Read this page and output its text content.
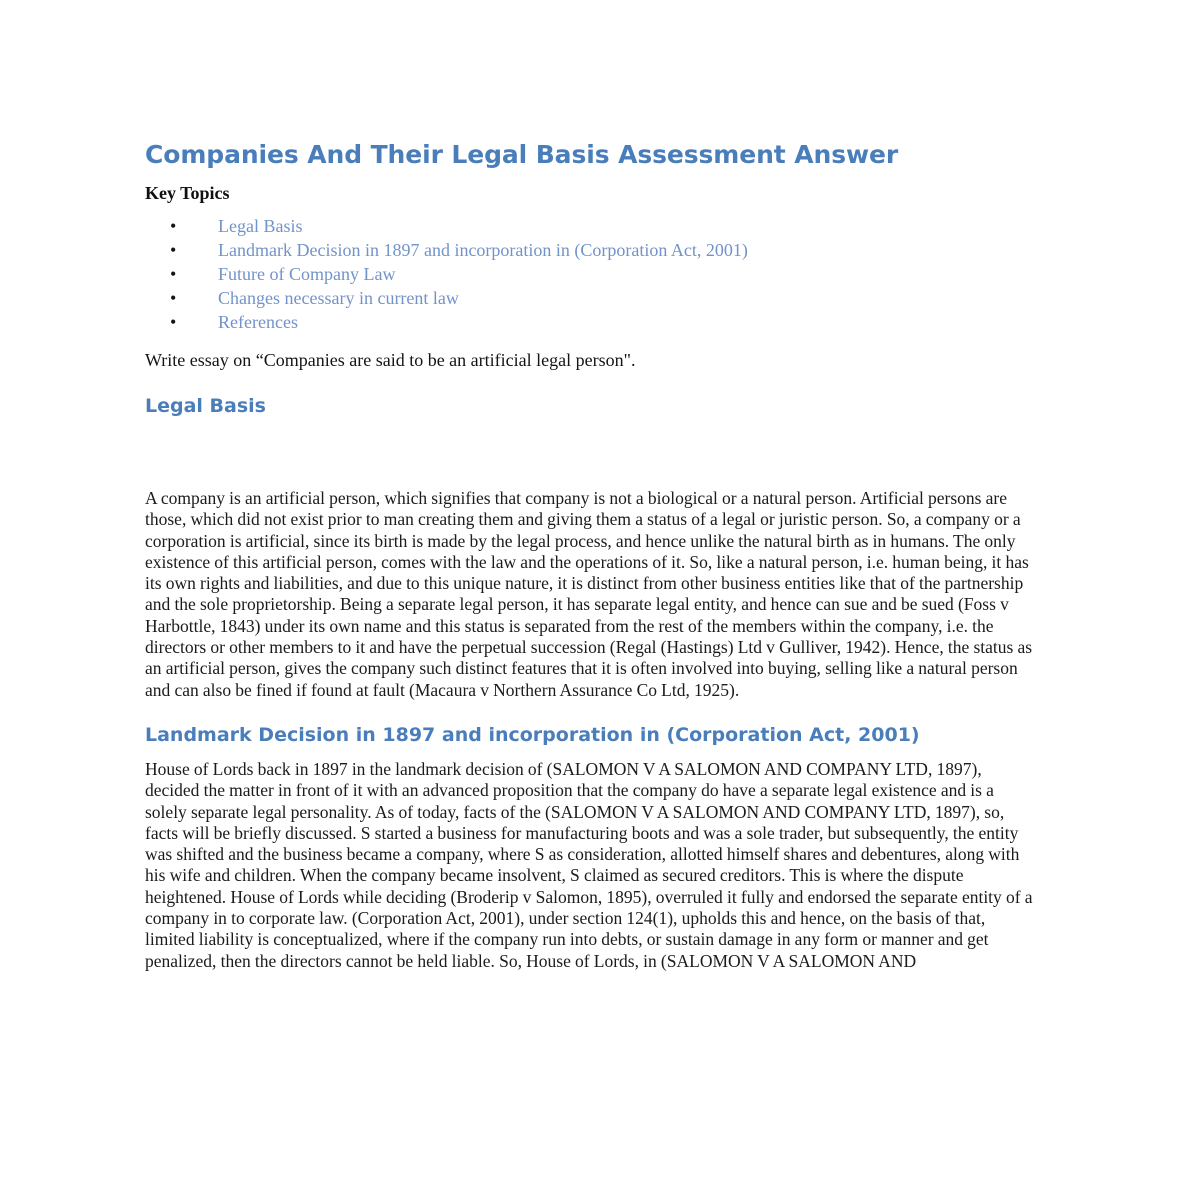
Companies And Their Legal Basis Assessment Answer
Key Topics
• Legal Basis
• Landmark Decision in 1897 and incorporation in (Corporation Act, 2001)
• Future of Company Law
• Changes necessary in current law
• References

Write essay on “Companies are said to be an artificial legal person".

Legal Basis

A company is an artificial person, which signifies that company is not a biological or a natural person. Artificial persons are those, which did not exist prior to man creating them and giving them a status of a legal or juristic person. So, a company or a corporation is artificial, since its birth is made by the legal process, and hence unlike the natural birth as in humans. The only existence of this artificial person, comes with the law and the operations of it. So, like a natural person, i.e. human being, it has its own rights and liabilities, and due to this unique nature, it is distinct from other business entities like that of the partnership and the sole proprietorship. Being a separate legal person, it has separate legal entity, and hence can sue and be sued (Foss v Harbottle, 1843) under its own name and this status is separated from the rest of the members within the company, i.e. the directors or other members to it and have the perpetual succession (Regal (Hastings) Ltd v Gulliver, 1942). Hence, the status as an artificial person, gives the company such distinct features that it is often involved into buying, selling like a natural person and can also be fined if found at fault (Macaura v Northern Assurance Co Ltd, 1925).

Landmark Decision in 1897 and incorporation in (Corporation Act, 2001)

House of Lords back in 1897 in the landmark decision of (SALOMON V A SALOMON AND COMPANY LTD, 1897), decided the matter in front of it with an advanced proposition that the company do have a separate legal existence and is a solely separate legal personality. As of today, facts of the (SALOMON V A SALOMON AND COMPANY LTD, 1897), so, facts will be briefly discussed. S started a business for manufacturing boots and was a sole trader, but subsequently, the entity was shifted and the business became a company, where S as consideration, allotted himself shares and debentures, along with his wife and children. When the company became insolvent, S claimed as secured creditors. This is where the dispute heightened. House of Lords while deciding (Broderip v Salomon, 1895), overruled it fully and endorsed the separate entity of a company in to corporate law. (Corporation Act, 2001), under section 124(1), upholds this and hence, on the basis of that, limited liability is conceptualized, where if the company run into debts, or sustain damage in any form or manner and get penalized, then the directors cannot be held liable. So, House of Lords, in (SALOMON V A SALOMON AND
